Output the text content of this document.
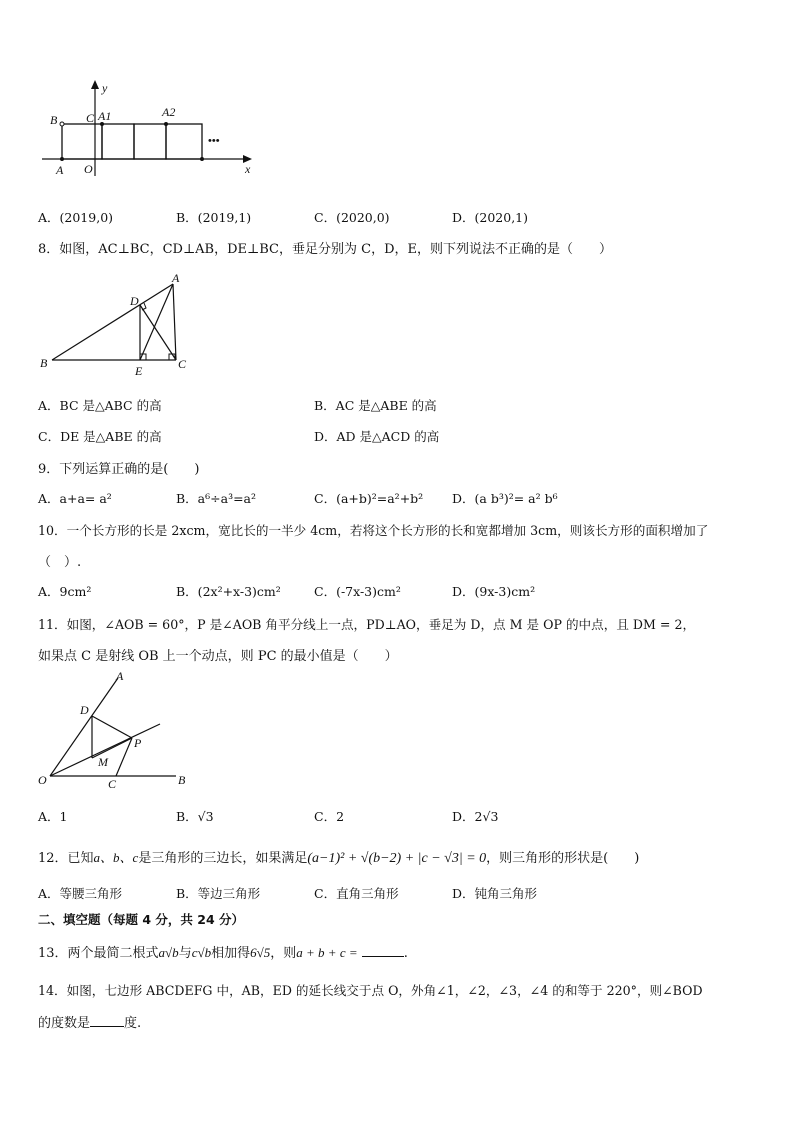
y
x
B C A1	A2
A O
•••
A．(2019,0)	B．(2019,1)	C．(2020,0)	D．(2020,1)
8．如图，AC⊥BC，CD⊥AB，DE⊥BC，垂足分别为 C，D，E，则下列说法不正确的是（　　）
A
B	C
D
E
A．BC 是△ABC 的高	B．AC 是△ABE 的高
C．DE 是△ABE 的高	D．AD 是△ACD 的高
9．下列运算正确的是(　　)
A．a+a= a²	B．a⁶÷a³=a²	C．(a+b)²=a²+b² D．(a b³)²= a² b⁶
10．一个长方形的长是 2xcm，宽比长的一半少 4cm，若将这个长方形的长和宽都增加 3cm，则该长方形的面积增加了
（　）.
A．9cm²	B．(2x²+x-3)cm²	C．(-7x-3)cm²	D．(9x-3)cm²
11．如图，∠AOB = 60°，P 是∠AOB 角平分线上一点，PD⊥AO，垂足为 D，点 M 是 OP 的中点，且 DM = 2，
如果点 C 是射线 OB 上一个动点，则 PC 的最小值是（　　）
A
D
P
M
O	C	B
A．1	B．√3	C．2	D．2√3
12．已知a、b、c是三角形的三边长，如果满足(a−1)² + √(b−2) + |c − √3| = 0，则三角形的形状是(　　)
A．等腰三角形	B．等边三角形	C．直角三角形	D．钝角三角形
二、填空题（每题 4 分，共 24 分）
13．两个最简二根式a√b与c√b相加得6√5，则a + b + c =	.
14．如图，七边形 ABCDEFG 中，AB，ED 的延长线交于点 O，外角∠1，∠2，∠3，∠4 的和等于 220°，则∠BOD
的度数是	度.
